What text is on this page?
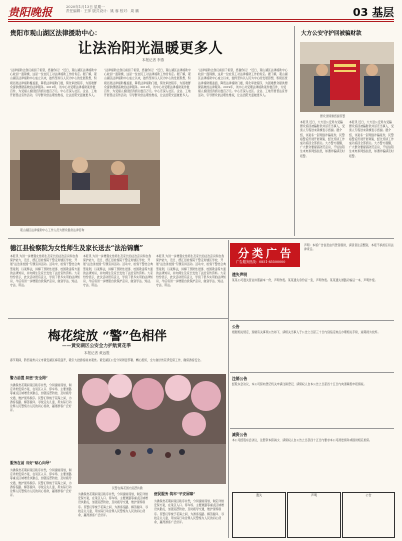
贵阳晚报	2020年1月13日 星期一
责任编辑：王萍 版式设计：姚 蓉 校对：周 鹏	03 基层
贵阳市观山湖区法律援助中心：
让法治阳光温暖更多人
本报记者 李燕
“法律援助让我们看到了希望，感谢你们！”近日，观山湖区法律援助中心收到一面锦旗，这是一位农民工对法律援助工作的肯定。据了解，观山湖区法律援助中心成立以来，始终坚持以人民为中心的发展思想，积极拓宽法律援助覆盖面，降低法律援助门槛，简化审批程序，为困难群众提供便捷高效的法律服务。2019年，该中心共受理法律援助案件数百件，为受援人挽回经济损失数百万元。中心还深入社区、企业、工地开展普法宣传活动，引导群众依法理性维权，让法治阳光温暖更多人。
“法律援助让我们看到了希望，感谢你们！”近日，观山湖区法律援助中心收到一面锦旗，这是一位农民工对法律援助工作的肯定。据了解，观山湖区法律援助中心成立以来，始终坚持以人民为中心的发展思想，积极拓宽法律援助覆盖面，降低法律援助门槛，简化审批程序，为困难群众提供便捷高效的法律服务。2019年，该中心共受理法律援助案件数百件，为受援人挽回经济损失数百万元。中心还深入社区、企业、工地开展普法宣传活动，引导群众依法理性维权，让法治阳光温暖更多人。
“法律援助让我们看到了希望，感谢你们！”近日，观山湖区法律援助中心收到一面锦旗，这是一位农民工对法律援助工作的肯定。据了解，观山湖区法律援助中心成立以来，始终坚持以人民为中心的发展思想，积极拓宽法律援助覆盖面，降低法律援助门槛，简化审批程序，为困难群众提供便捷高效的法律服务。2019年，该中心共受理法律援助案件数百件，为受援人挽回经济损失数百万元。中心还深入社区、企业、工地开展普法宣传活动，引导群众依法理性维权，让法治阳光温暖更多人。
观山湖区法律援助中心工作人员为群众提供法律咨询
大方公安守护回被骗财款
群众送锦旗感谢民警
本报讯 近日，大方县公安局为受骗群众追回被骗财款并返还当事人，受害人专程送来锦旗表示感谢。据介绍，该案系一起网络诈骗案件，民警接警后迅速开展调查，经过连续工作成功追回全部损失。大方警方提醒，广大群众要提高防范意识，不轻信陌生来电和网络信息，如遇诈骗请及时报警。
本报讯 近日，大方县公安局为受骗群众追回被骗财款并返还当事人，受害人专程送来锦旗表示感谢。据介绍，该案系一起网络诈骗案件，民警接警后迅速开展调查，经过连续工作成功追回全部损失。大方警方提醒，广大群众要提高防范意识，不轻信陌生来电和网络信息，如遇诈骗请及时报警。
德江县检察院为女性师生及家长送去“法治锦囊”
本报讯 为进一步增强女性师生及家长的法治意识和自我保护能力，近日，德江县检察院干警走进辖区学校，开展“法治进校园”专题宣讲活动。活动中，检察干警结合典型案例，以案释法，讲解了预防性侵害、校园欺凌等方面的法律知识，并向师生及家长发放了法治宣传资料。大家纷纷表示，此次活动很有意义，学到了很多实用的法律知识，今后将进一步增强自我保护意识，做到学法、知法、守法、用法。
本报讯 为进一步增强女性师生及家长的法治意识和自我保护能力，近日，德江县检察院干警走进辖区学校，开展“法治进校园”专题宣讲活动。活动中，检察干警结合典型案例，以案释法，讲解了预防性侵害、校园欺凌等方面的法律知识，并向师生及家长发放了法治宣传资料。大家纷纷表示，此次活动很有意义，学到了很多实用的法律知识，今后将进一步增强自我保护意识，做到学法、知法、守法、用法。
本报讯 为进一步增强女性师生及家长的法治意识和自我保护能力，近日，德江县检察院干警走进辖区学校，开展“法治进校园”专题宣讲活动。活动中，检察干警结合典型案例，以案释法，讲解了预防性侵害、校园欺凌等方面的法律知识，并向师生及家长发放了法治宣传资料。大家纷纷表示，此次活动很有意义，学到了很多实用的法律知识，今后将进一步增强自我保护意识，做到学法、知法、守法、用法。
梅花绽放 “警”色相伴
——黄安湖区公安全力护航赏花季
本报记者 黄远胜
春节期间，黔西南州兴义市黄安湖区梅花盛开，吸引大批游客前来观赏。黄安湖区公安分局周密部署、精心组织，全力做好赏花季安保工作，确保游客安全。
警力前置 织密“安全网”
为确保赏花期间景区秩序井然，分局提前谋划，制定详细安保方案，在景区入口、停车场、主要道路等重点区域增设执勤点，加强巡逻防控，及时疏导交通，维护现场秩序。民警们穿梭于花海之间，为游客指路、解答疑问、寻找走失儿童，用实际行动诠释人民警察为人民的初心使命，赢得游客广泛好评。
服务在前 当好“贴心向导”
为确保赏花期间景区秩序井然，分局提前谋划，制定详细安保方案，在景区入口、停车场、主要道路等重点区域增设执勤点，加强巡逻防控，及时疏导交通，维护现场秩序。民警们穿梭于花海之间，为游客指路、解答疑问、寻找走失儿童，用实际行动诠释人民警察为人民的初心使命，赢得游客广泛好评。
民警在梅花园内巡逻执勤
为确保赏花期间景区秩序井然，分局提前谋划，制定详细安保方案，在景区入口、停车场、主要道路等重点区域增设执勤点，加强巡逻防控，及时疏导交通，维护现场秩序。民警们穿梭于花海之间，为游客指路、解答疑问、寻找走失儿童，用实际行动诠释人民警察为人民的初心使命，赢得游客广泛好评。
便民服务 筑牢“平安屏障”
为确保赏花期间景区秩序井然，分局提前谋划，制定详细安保方案，在景区入口、停车场、主要道路等重点区域增设执勤点，加强巡逻防控，及时疏导交通，维护现场秩序。民警们穿梭于花海之间，为游客指路、解答疑问、寻找走失儿童，用实际行动诠释人民警察为人民的初心使命，赢得游客广泛好评。
分类广告
广告服务热线：0851-85500000
声明：本版广告信息由刊登者提供，请读者注意甄别，本报不承担任何法律责任。
遗失声明
某某公司遗失营业执照副本一份，声明作废。某某遗失身份证一张，声明作废。某某遗失道路运输证一本，声明作废。
公告
根据相关规定，现就有关事项公告如下，请相关当事人于公告之日起三十日内到指定地点办理相关手续，逾期视为放弃。
注销公告
经股东会决议，本公司拟向登记机关申请注销登记，请债权人自本公告之日起四十五日内向清算组申报债权。
减资公告
本公司经股东会决议，注册资本拟减少，请债权人自公告之日起四十五日内要求本公司清偿债务或提供相应担保。
遗失	声明	公告
